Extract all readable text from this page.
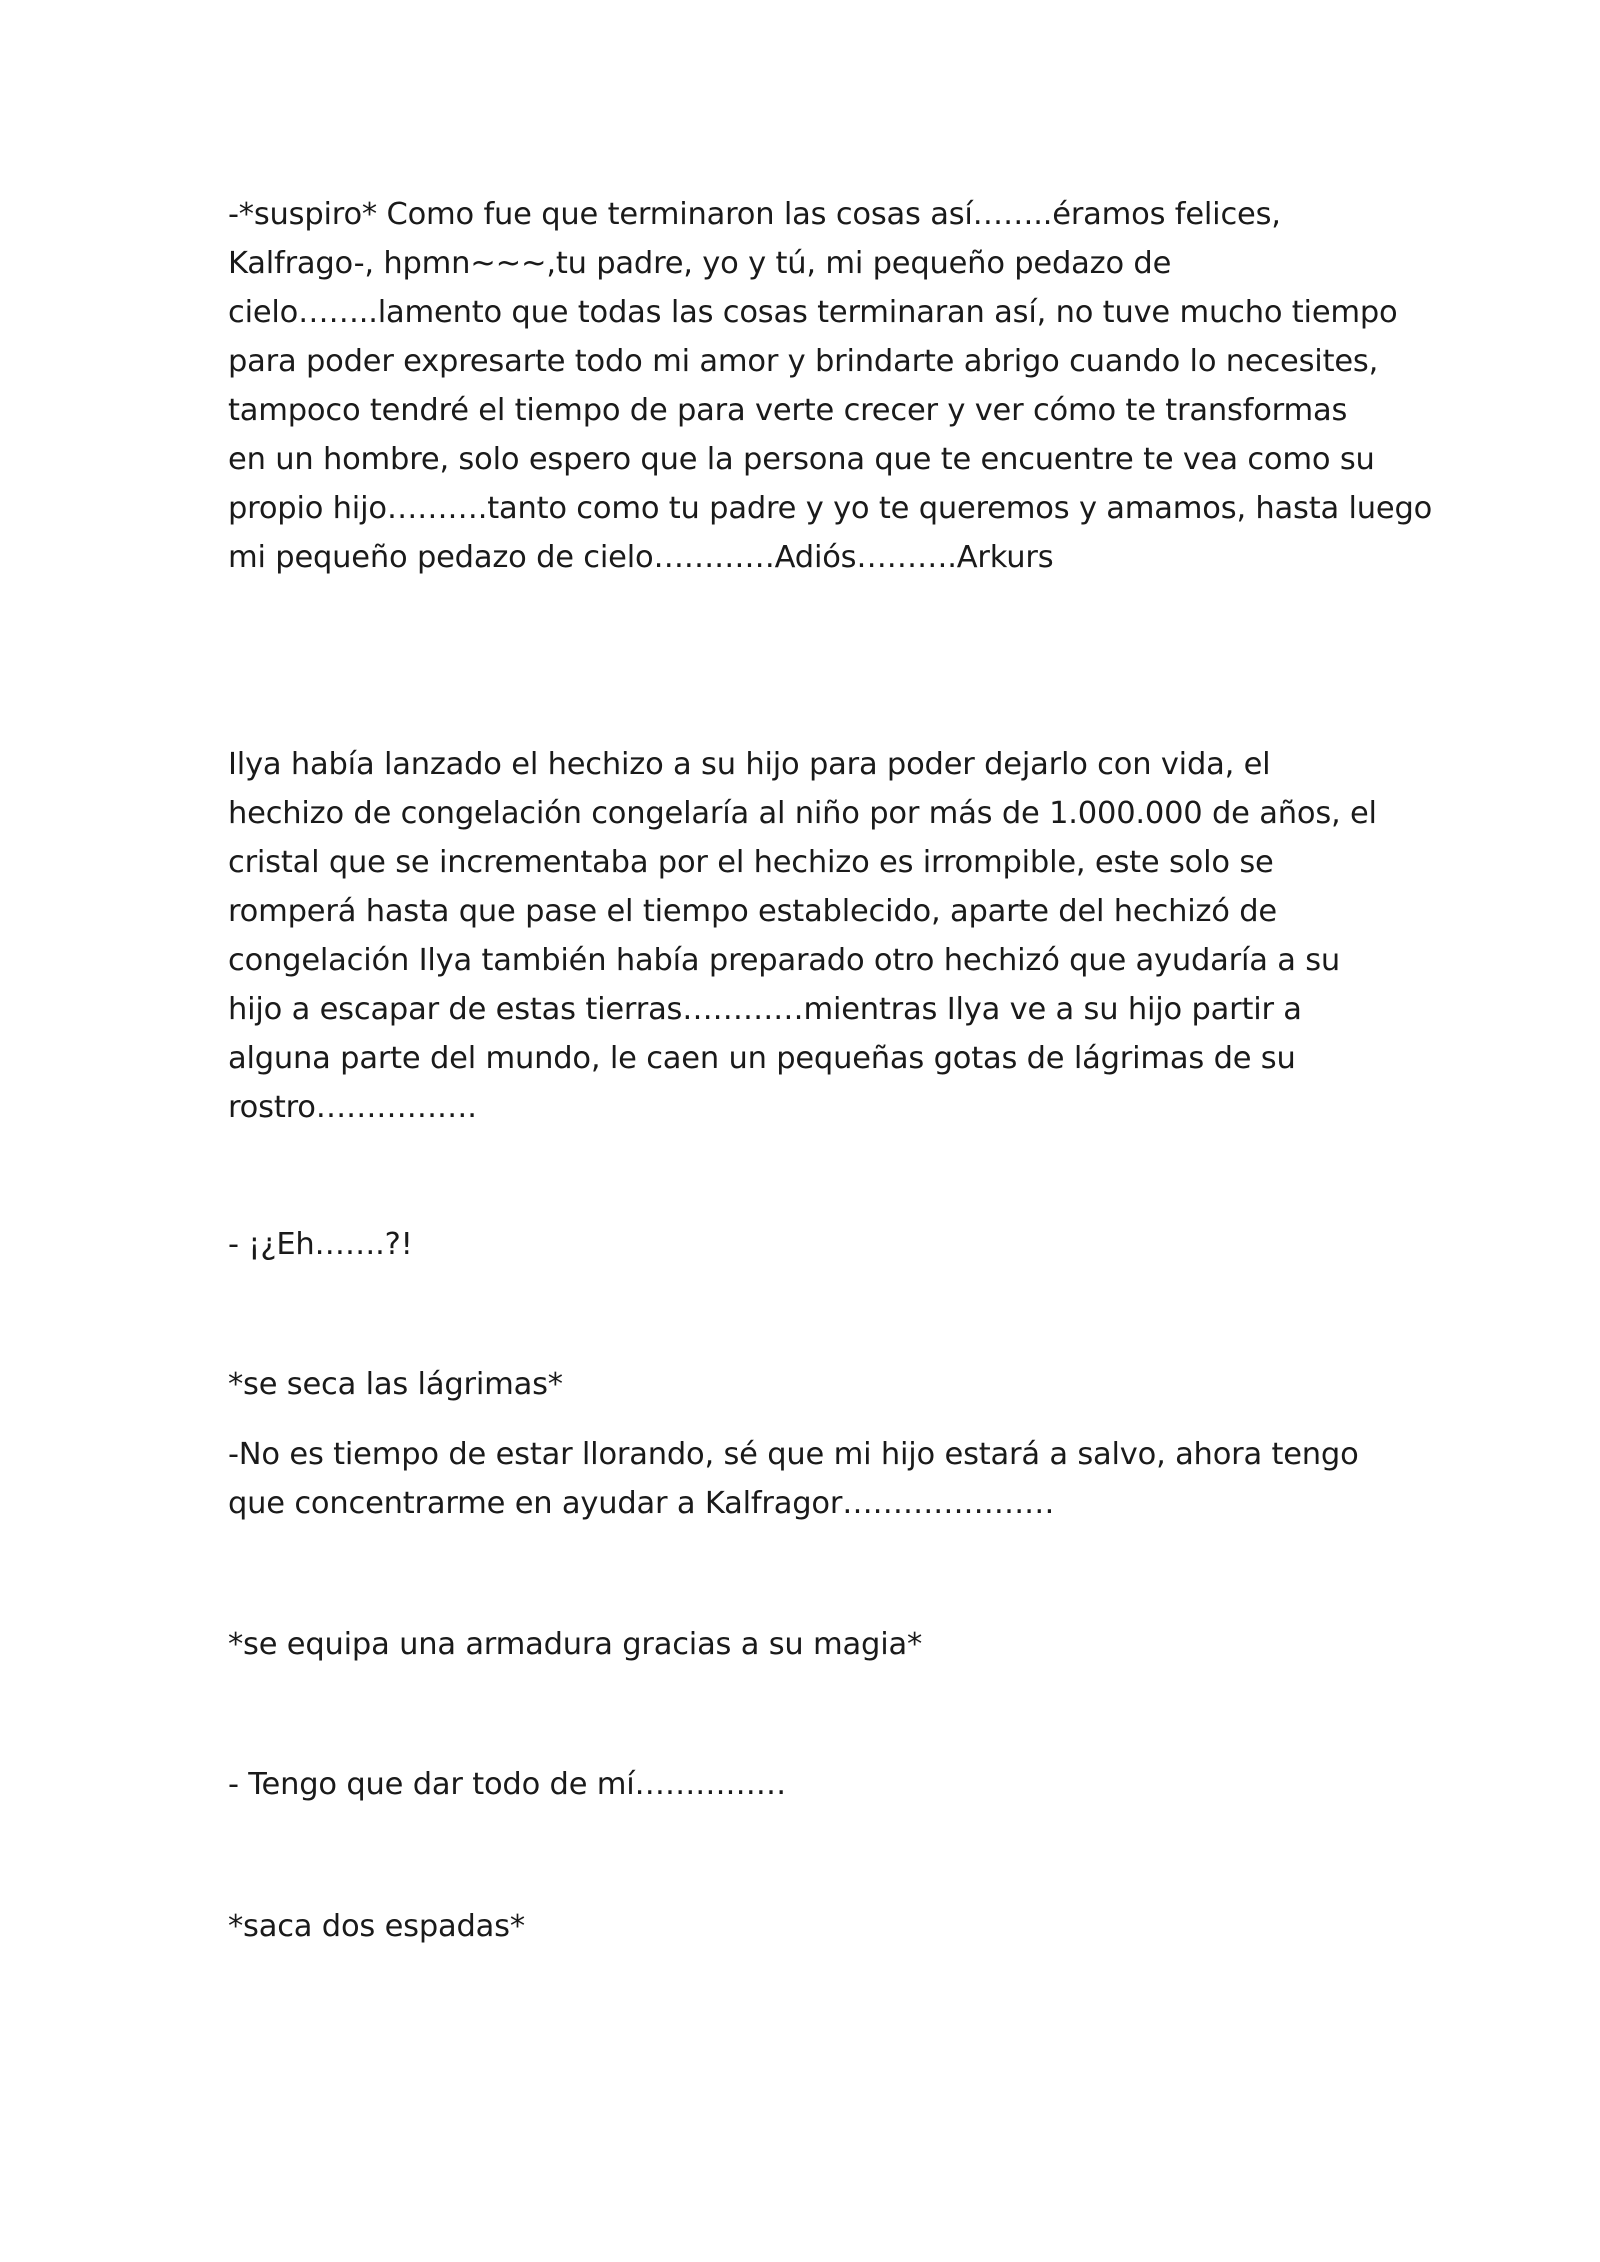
-*suspiro* Como fue que terminaron las cosas así……..éramos felices,
Kalfrago-, hpmn~~~,tu padre, yo y tú, mi pequeño pedazo de
cielo……..lamento que todas las cosas terminaran así, no tuve mucho tiempo
para poder expresarte todo mi amor y brindarte abrigo cuando lo necesites,
tampoco tendré el tiempo de para verte crecer y ver cómo te transformas
en un hombre, solo espero que la persona que te encuentre te vea como su
propio hijo……….tanto como tu padre y yo te queremos y amamos, hasta luego
mi pequeño pedazo de cielo…………Adiós……….Arkurs

Ilya había lanzado el hechizo a su hijo para poder dejarlo con vida, el
hechizo de congelación congelaría al niño por más de 1.000.000 de años, el
cristal que se incrementaba por el hechizo es irrompible, este solo se
romperá hasta que pase el tiempo establecido, aparte del hechizó de
congelación Ilya también había preparado otro hechizó que ayudaría a su
hijo a escapar de estas tierras…………mientras Ilya ve a su hijo partir a
alguna parte del mundo, le caen un pequeñas gotas de lágrimas de su
rostro…………….

- ¡¿Eh…….?!

*se seca las lágrimas*

-No es tiempo de estar llorando, sé que mi hijo estará a salvo, ahora tengo
que concentrarme en ayudar a Kalfragor…………………

*se equipa una armadura gracias a su magia*

- Tengo que dar todo de mí……………

*saca dos espadas*
